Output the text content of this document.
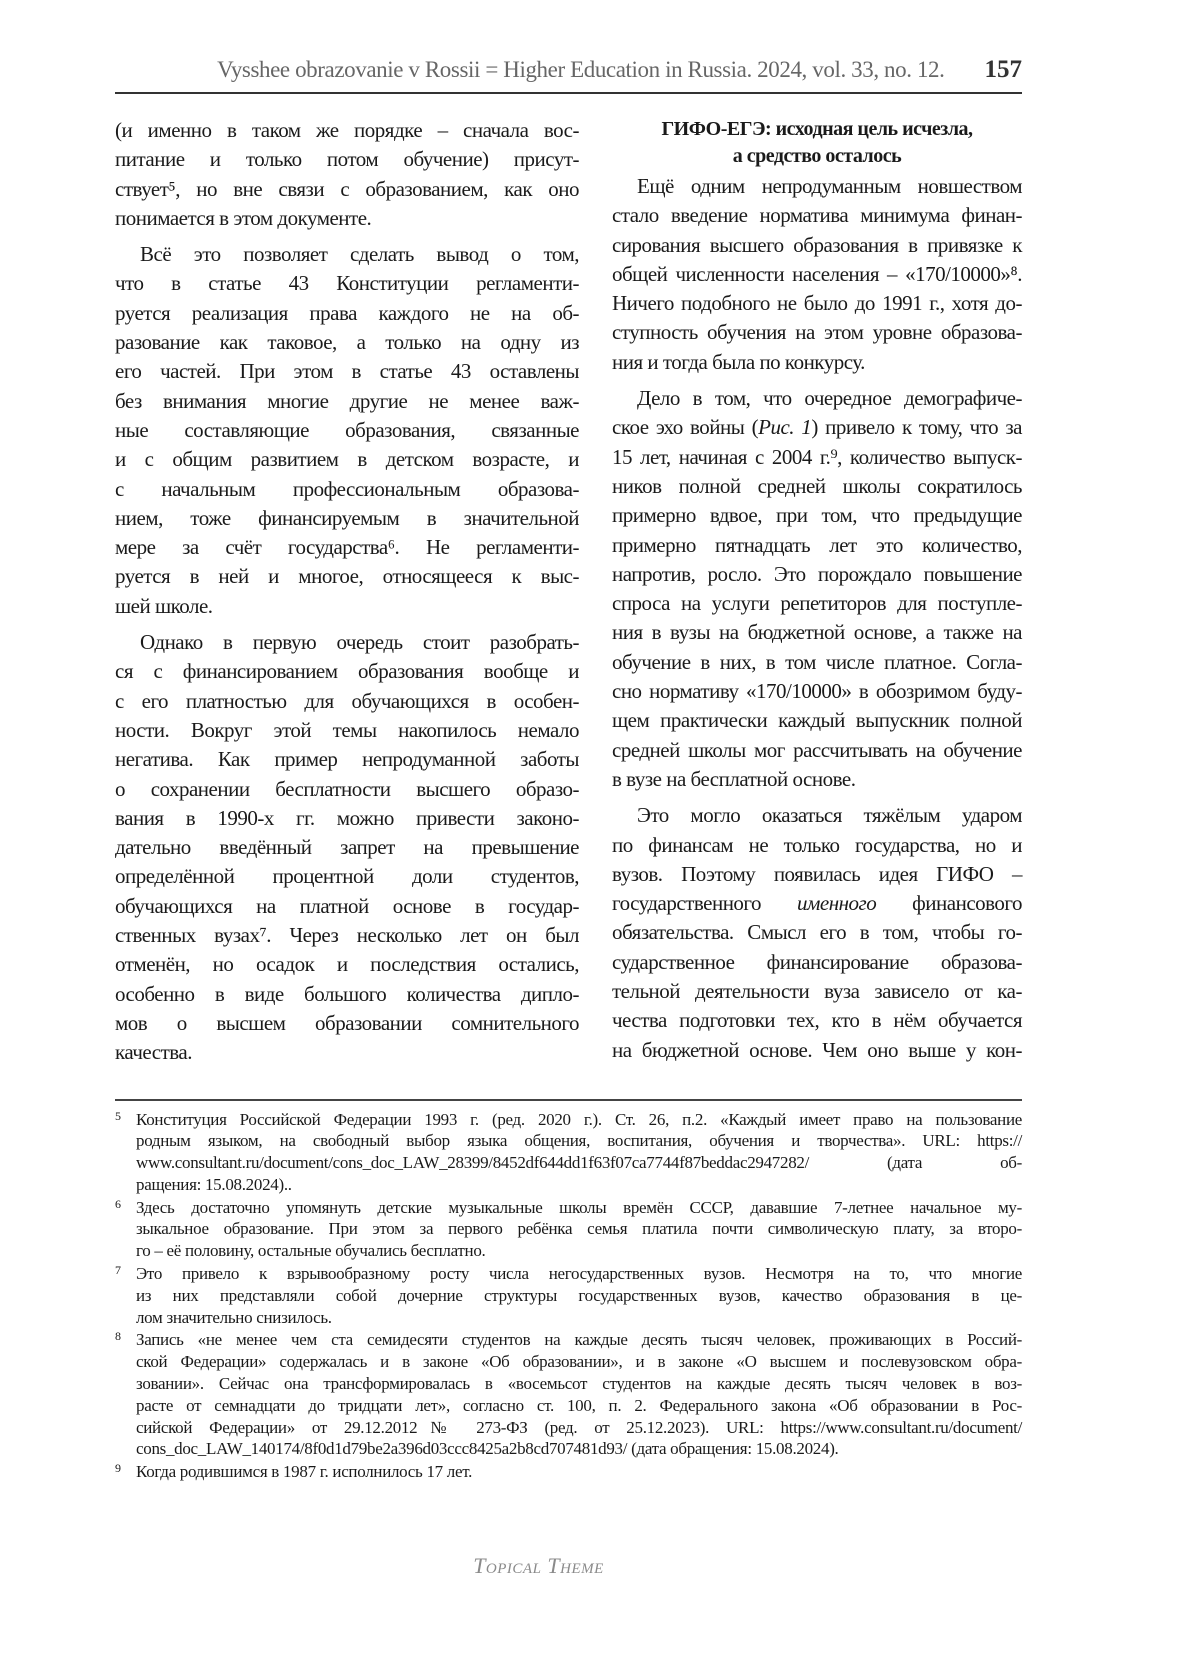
Vysshee obrazovanie v Rossii = Higher Education in Russia. 2024, vol. 33, no. 12. 157
(и именно в таком же порядке – сначала вос-
питание и только потом обучение) присут-
ствует⁵, но вне связи с образованием, как оно
понимается в этом документе.
Всё это позволяет сделать вывод о том,
что в статье 43 Конституции регламенти-
руется реализация права каждого не на об-
разование как таковое, а только на одну из
его частей. При этом в статье 43 оставлены
без внимания многие другие не менее важ-
ные составляющие образования, связанные
и с общим развитием в детском возрасте, и
с начальным профессиональным образова-
нием, тоже финансируемым в значительной
мере за счёт государства⁶. Не регламенти-
руется в ней и многое, относящееся к выс-
шей школе.
Однако в первую очередь стоит разобрать-
ся с финансированием образования вообще и
с его платностью для обучающихся в особен-
ности. Вокруг этой темы накопилось немало
негатива. Как пример непродуманной заботы
о сохранении бесплатности высшего образо-
вания в 1990-х гг. можно привести законо-
дательно введённый запрет на превышение
определённой процентной доли студентов,
обучающихся на платной основе в государ-
ственных вузах⁷. Через несколько лет он был
отменён, но осадок и последствия остались,
особенно в виде большого количества дипло-
мов о высшем образовании сомнительного
качества.
ГИФО-ЕГЭ: исходная цель исчезла,
а средство осталось
Ещё одним непродуманным новшеством
стало введение норматива минимума финан-
сирования высшего образования в привязке к
общей численности населения – «170/10000»⁸.
Ничего подобного не было до 1991 г., хотя до-
ступность обучения на этом уровне образова-
ния и тогда была по конкурсу.
Дело в том, что очередное демографиче-
ское эхо войны (Рис. 1) привело к тому, что за
15 лет, начиная с 2004 г.⁹, количество выпуск-
ников полной средней школы сократилось
примерно вдвое, при том, что предыдущие
примерно пятнадцать лет это количество,
напротив, росло. Это порождало повышение
спроса на услуги репетиторов для поступле-
ния в вузы на бюджетной основе, а также на
обучение в них, в том числе платное. Согла-
сно нормативу «170/10000» в обозримом буду-
щем практически каждый выпускник полной
средней школы мог рассчитывать на обучение
в вузе на бесплатной основе.
Это могло оказаться тяжёлым ударом
по финансам не только государства, но и
вузов. Поэтому появилась идея ГИФО –
государственного именного финансового
обязательства. Смысл его в том, чтобы го-
сударственное финансирование образова-
тельной деятельности вуза зависело от ка-
чества подготовки тех, кто в нём обучается
на бюджетной основе. Чем оно выше у кон-
5 Конституция Российской Федерации 1993 г. (ред. 2020 г.). Ст. 26, п.2. «Каждый имеет право на пользование
родным языком, на свободный выбор языка общения, воспитания, обучения и творчества». URL: https://
www.consultant.ru/document/cons_doc_LAW_28399/8452df644dd1f63f07ca7744f87beddac2947282/ (дата об-
ращения: 15.08.2024)..
6 Здесь достаточно упомянуть детские музыкальные школы времён СССР, дававшие 7-летнее начальное му-
зыкальное образование. При этом за первого ребёнка семья платила почти символическую плату, за второ-
го – её половину, остальные обучались бесплатно.
7 Это привело к взрывообразному росту числа негосударственных вузов. Несмотря на то, что многие
из них представляли собой дочерние структуры государственных вузов, качество образования в це-
лом значительно снизилось.
8 Запись «не менее чем ста семидесяти студентов на каждые десять тысяч человек, проживающих в Россий-
ской Федерации» содержалась и в законе «Об образовании», и в законе «О высшем и послевузовском обра-
зовании». Сейчас она трансформировалась в «восемьсот студентов на каждые десять тысяч человек в воз-
расте от семнадцати до тридцати лет», согласно ст. 100, п. 2. Федерального закона «Об образовании в Рос-
сийской Федерации» от 29.12.2012№ 273-ФЗ (ред. от 25.12.2023). URL: https://www.consultant.ru/document/
cons_doc_LAW_140174/8f0d1d79be2a396d03ccc8425a2b8cd707481d93/ (дата обращения: 15.08.2024).
9 Когда родившимся в 1987 г. исполнилось 17 лет.
Topical Theme
